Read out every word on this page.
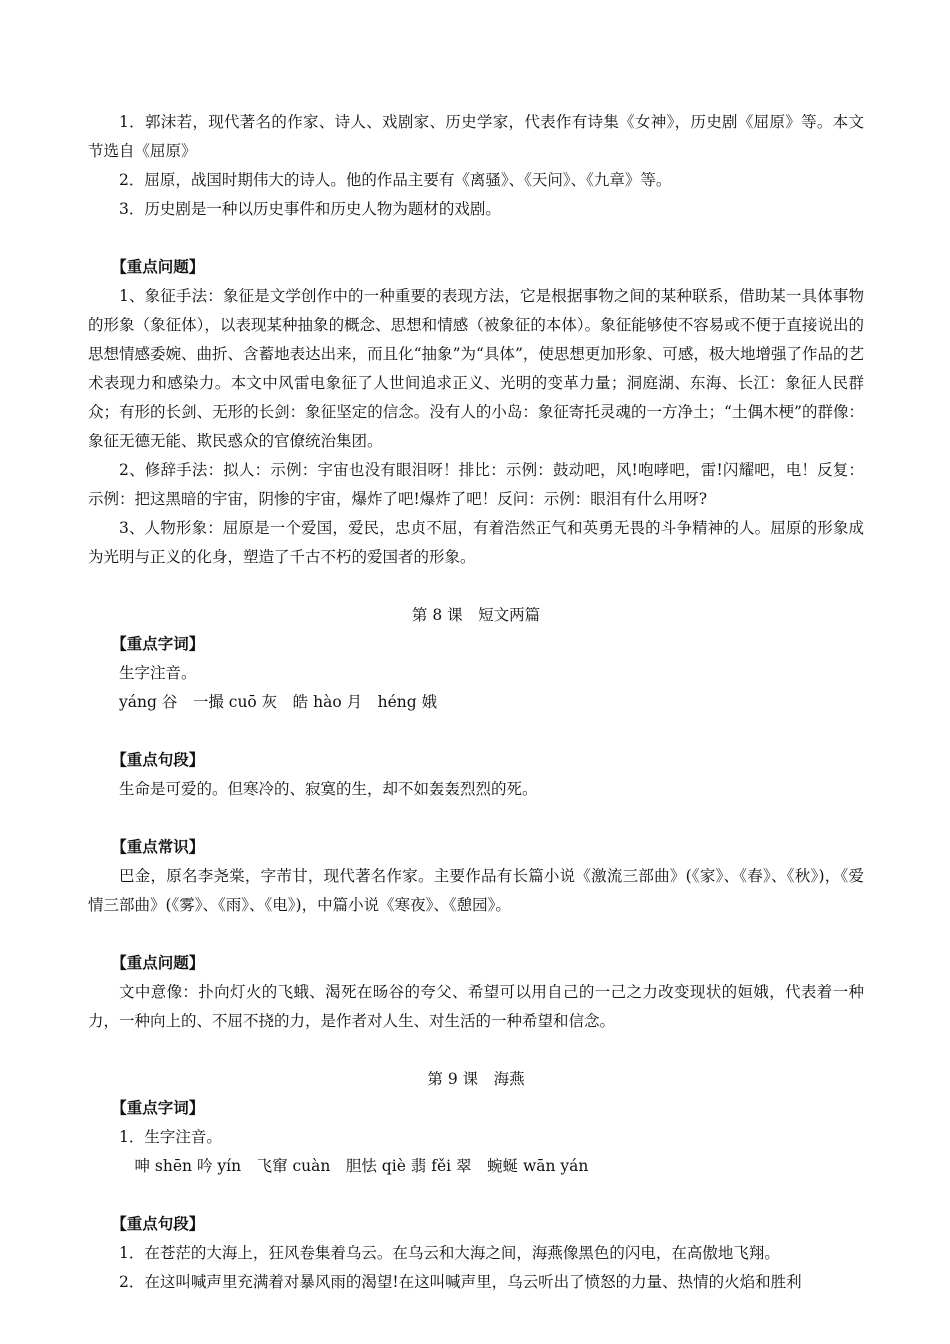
1．郭沫若，现代著名的作家、诗人、戏剧家、历史学家，代表作有诗集《女神》，历史剧《屈原》等。本文节选自《屈原》

2．屈原，战国时期伟大的诗人。他的作品主要有《离骚》、《天问》、《九章》等。

3．历史剧是一种以历史事件和历史人物为题材的戏剧。

【重点问题】

1、象征手法：象征是文学创作中的一种重要的表现方法，它是根据事物之间的某种联系，借助某一具体事物的形象（象征体），以表现某种抽象的概念、思想和情感（被象征的本体）。象征能够使不容易或不便于直接说出的思想情感委婉、曲折、含蓄地表达出来，而且化“抽象”为“具体”，使思想更加形象、可感，极大地增强了作品的艺术表现力和感染力。本文中风雷电象征了人世间追求正义、光明的变革力量；洞庭湖、东海、长江：象征人民群众；有形的长剑、无形的长剑：象征坚定的信念。没有人的小岛：象征寄托灵魂的一方净土；“土偶木梗”的群像：象征无德无能、欺民惑众的官僚统治集团。

2、修辞手法：拟人：示例：宇宙也没有眼泪呀！排比：示例：鼓动吧，风!咆哮吧，雷!闪耀吧，电！反复：示例：把这黑暗的宇宙，阴惨的宇宙，爆炸了吧!爆炸了吧！反问：示例：眼泪有什么用呀?

3、人物形象：屈原是一个爱国，爱民，忠贞不屈，有着浩然正气和英勇无畏的斗争精神的人。屈原的形象成为光明与正义的化身，塑造了千古不朽的爱国者的形象。

第 8 课　短文两篇

【重点字词】

生字注音。

yáng 谷　一撮 cuō 灰　皓 hào 月　héng 娥

【重点句段】

生命是可爱的。但寒冷的、寂寞的生，却不如轰轰烈烈的死。

【重点常识】

巴金，原名李尧棠，字芾甘，现代著名作家。主要作品有长篇小说《激流三部曲》(《家》、《春》、《秋》)，《爱情三部曲》(《雾》、《雨》、《电》)，中篇小说《寒夜》、《憩园》。

【重点问题】

文中意像：扑向灯火的飞蛾、渴死在旸谷的夸父、希望可以用自己的一己之力改变现状的姮娥，代表着一种力，一种向上的、不屈不挠的力，是作者对人生、对生活的一种希望和信念。

第 9 课　海燕

【重点字词】

1．生字注音。

呻 shēn 吟 yín　飞窜 cuàn　胆怯 qiè 翡 fěi 翠　蜿蜒 wān yán

【重点句段】

1．在苍茫的大海上，狂风卷集着乌云。在乌云和大海之间，海燕像黑色的闪电，在高傲地飞翔。

2．在这叫喊声里充满着对暴风雨的渴望!在这叫喊声里，乌云听出了愤怒的力量、热情的火焰和胜利
